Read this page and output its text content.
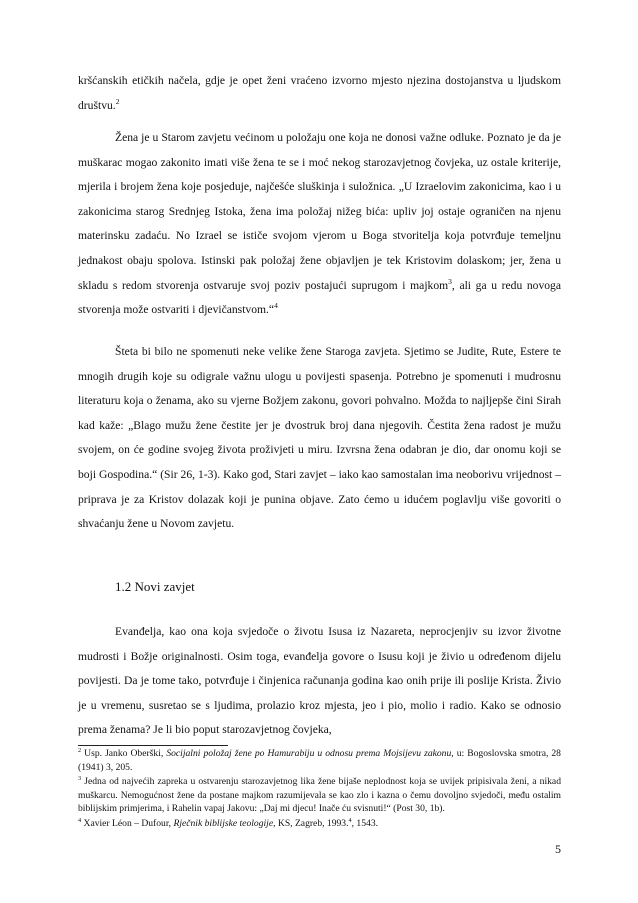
kršćanskih etičkih načela, gdje je opet ženi vraćeno izvorno mjesto njezina dostojanstva u ljudskom društvu.$^2$

Žena je u Starom zavjetu većinom u položaju one koja ne donosi važne odluke. Poznato je da je muškarac mogao zakonito imati više žena te se i moć nekog starozavjetnog čovjeka, uz ostale kriterije, mjerila i brojem žena koje posjeduje, najčešće sluškinja i suložnica. „U Izraelovim zakonicima, kao i u zakonicima starog Srednjeg Istoka, žena ima položaj nižeg bića: upliv joj ostaje ograničen na njenu materinsku zadaću. No Izrael se ističe svojom vjerom u Boga stvoritelja koja potvrđuje temeljnu jednakost obaju spolova. Istinski pak položaj žene objavljen je tek Kristovim dolaskom; jer, žena u skladu s redom stvorenja ostvaruje svoj poziv postajući suprugom i majkom$^3$, ali ga u redu novoga stvorenja može ostvariti i djevičanstvom.“$^4$

Šteta bi bilo ne spomenuti neke velike žene Staroga zavjeta. Sjetimo se Judite, Rute, Estere te mnogih drugih koje su odigrale važnu ulogu u povijesti spasenja. Potrebno je spomenuti i mudrosnu literaturu koja o ženama, ako su vjerne Božjem zakonu, govori pohvalno. Možda to najljepše čini Sirah kad kaže: „Blago mužu žene čestite jer je dvostruk broj dana njegovih. Čestita žena radost je mužu svojem, on će godine svojeg života proživjeti u miru. Izvrsna žena odabran je dio, dar onomu koji se boji Gospodina.“ (Sir 26, 1-3). Kako god, Stari zavjet – iako kao samostalan ima neoborivu vrijednost – priprava je za Kristov dolazak koji je punina objave. Zato ćemo u idućem poglavlju više govoriti o shvaćanju žene u Novom zavjetu.

1.2 Novi zavjet

Evanđelja, kao ona koja svjedoče o životu Isusa iz Nazareta, neprocjenjiv su izvor životne mudrosti i Božje originalnosti. Osim toga, evanđelja govore o Isusu koji je živio u određenom dijelu povijesti. Da je tome tako, potvrđuje i činjenica računanja godina kao onih prije ili poslije Krista. Živio je u vremenu, susretao se s ljudima, prolazio kroz mjesta, jeo i pio, molio i radio. Kako se odnosio prema ženama? Je li bio poput starozavjetnog čovjeka,

$^2$ Usp. Janko Oberški, Socijalni položaj žene po Hamurabiju u odnosu prema Mojsijevu zakonu, u: Bogoslovska smotra, 28 (1941) 3, 205.

$^3$ Jedna od najvećih zapreka u ostvarenju starozavjetnog lika žene bijaše neplodnost koja se uvijek pripisivala ženi, a nikad muškarcu. Nemogućnost žene da postane majkom razumijevala se kao zlo i kazna o čemu dovoljno svjedoči, među ostalim biblijskim primjerima, i Rahelin vapaj Jakovu: „Daj mi djecu! Inače ću svisnuti!“ (Post 30, 1b).

$^4$ Xavier Léon – Dufour, Rječnik biblijske teologije, KS, Zagreb, 1993.$^4$, 1543.

5
